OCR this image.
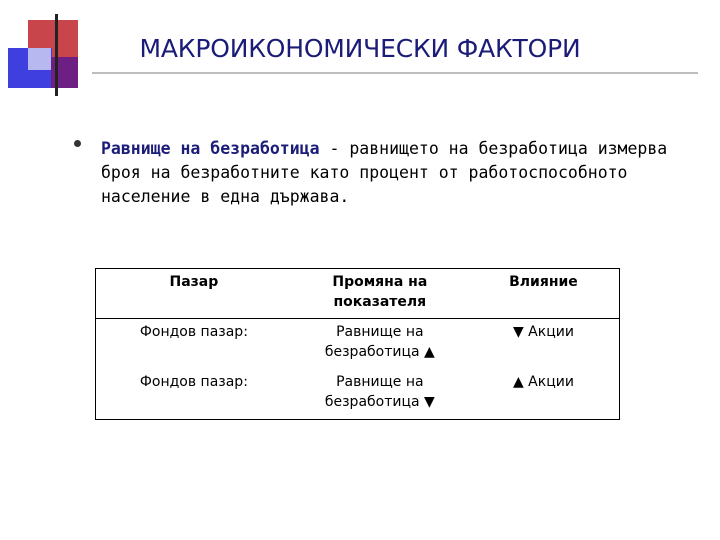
МАКРОИКОНОМИЧЕСКИ ФАКТОРИ
Равнище на безработица - равнището на безработица измерва броя на безработните като процент от работоспособното население в една държава.
Пазар	Промяна на показателя	Влияние
Фондов пазар:	Равнище на безработица ▲	▼ Акции
Фондов пазар:	Равнище на безработица ▼	▲ Акции
